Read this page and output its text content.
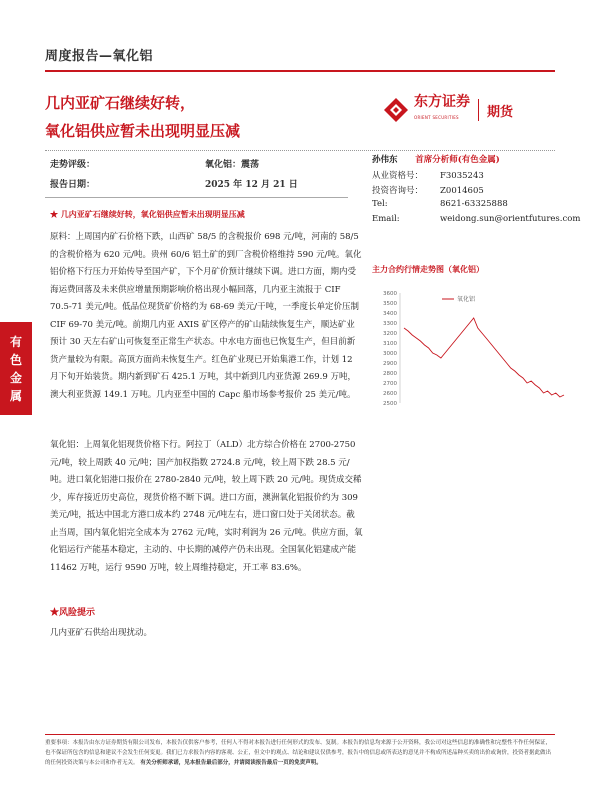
周度报告—氧化铝
几内亚矿石继续好转，
氧化铝供应暂未出现明显压减
东方证券
ORIENT SECURITIES	期货
走势评级：	氧化铝：震荡
报告日期：	2025 年 12 月 21 日
孙伟东 首席分析师(有色金属)
从业资格号： F3035243
投资咨询号： Z0014605
Tel:	8621-63325888
Email:	weidong.sun@orientfutures.com
★ 几内亚矿石继续好转，氧化铝供应暂未出现明显压减
原料：上周国内矿石价格下跌，山西矿 58/5 的含税报价 698 元/吨，河南的 58/5 的含税价格为 620 元/吨。贵州 60/6 铝土矿的到厂含税价格维持 590 元/吨。氧化铝价格下行压力开始传导至国产矿，下个月矿价预计继续下调。进口方面，期内受海运费回落及未来供应增量预期影响价格出现小幅回落，几内亚主流报于 CIF 70.5-71 美元/吨。低品位现货矿价格约为 68-69 美元/干吨，一季度长单定价压制 CIF 69-70 美元/吨。前期几内亚 AXIS 矿区停产的矿山陆续恢复生产，顺达矿业预计 30 天左右矿山可恢复至正常生产状态。中水电方面也已恢复生产，但目前新货产量较为有限。高顶方面尚未恢复生产。红色矿业现已开始集港工作，计划 12 月下旬开始装货。期内新到矿石 425.1 万吨，其中新到几内亚货源 269.9 万吨，澳大利亚货源 149.1 万吨。几内亚至中国的 Capc 船市场参考报价 25 美元/吨。
氧化铝：上周氧化铝现货价格下行。阿拉丁（ALD）北方综合价格在 2700-2750 元/吨，较上周跌 40 元/吨；国产加权指数 2724.8 元/吨，较上周下跌 28.5 元/吨。进口氧化铝港口报价在 2780-2840 元/吨，较上周下跌 20 元/吨。现货成交稀少，库存接近历史高位，现货价格不断下调。进口方面，澳洲氧化铝报价约为 309 美元/吨，抵达中国北方港口成本约 2748 元/吨左右，进口窗口处于关闭状态。截止当周，国内氧化铝完全成本为 2762 元/吨，实时利润为 26 元/吨。供应方面，氧化铝运行产能基本稳定，主动的、中长期的减停产仍未出现。全国氧化铝建成产能 11462 万吨，运行 9590 万吨，较上周维持稳定，开工率 83.6%。
★风险提示
几内亚矿石供给出现扰动。
有
色
金
属
主力合约行情走势图（氧化铝）
3600
3500
3400
3300
3200
3100
3000
2900
2800
2700
2600
2500
氧化铝
重要事项：本报告由东方证券期货有限公司发布，本报告仅供客户参考，任何人不得对本报告进行任何形式的发布、复制。本报告的信息均来源于公开资料，我公司对这些信息的准确性和完整性不作任何保证，也不保证所包含的信息和建议不会发生任何变更。我们已力求报告内容的客观、公正，但文中的观点、结论和建议仅供参考，报告中的信息或所表达的意见并不构成所述品种买卖的出价或询价，投资者据此做出的任何投资决策与本公司和作者无关。 有关分析师承诺，见本报告最后部分，并请阅读报告最后一页的免责声明。
